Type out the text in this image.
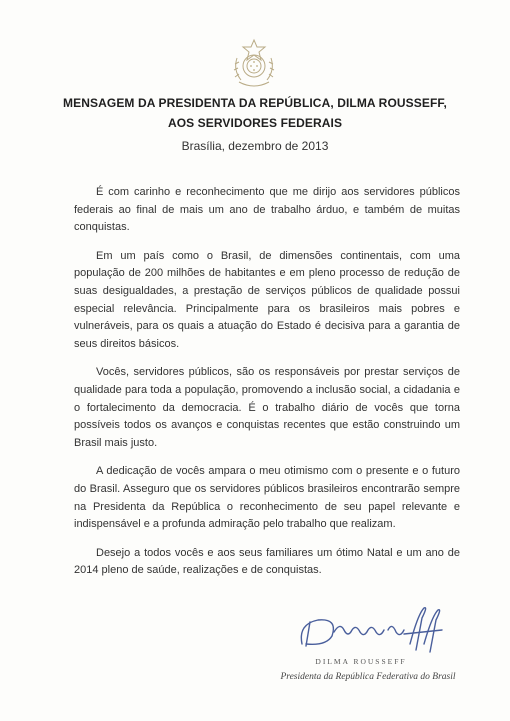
MENSAGEM DA PRESIDENTA DA REPÚBLICA, DILMA ROUSSEFF,
AOS SERVIDORES FEDERAIS
Brasília, dezembro de 2013

É com carinho e reconhecimento que me dirijo aos servidores públicos federais ao final de mais um ano de trabalho árduo, e também de muitas conquistas.

Em um país como o Brasil, de dimensões continentais, com uma população de 200 milhões de habitantes e em pleno processo de redução de suas desigualdades, a prestação de serviços públicos de qualidade possui especial relevância. Principalmente para os brasileiros mais pobres e vulneráveis, para os quais a atuação do Estado é decisiva para a garantia de seus direitos básicos.

Vocês, servidores públicos, são os responsáveis por prestar serviços de qualidade para toda a população, promovendo a inclusão social, a cidadania e o fortalecimento da democracia. É o trabalho diário de vocês que torna possíveis todos os avanços e conquistas recentes que estão construindo um Brasil mais justo.

A dedicação de vocês ampara o meu otimismo com o presente e o futuro do Brasil. Asseguro que os servidores públicos brasileiros encontrarão sempre na Presidenta da República o reconhecimento de seu papel relevante e indispensável e a profunda admiração pelo trabalho que realizam.

Desejo a todos vocês e aos seus familiares um ótimo Natal e um ano de 2014 pleno de saúde, realizações e de conquistas.

DILMA ROUSSEFF
Presidenta da República Federativa do Brasil
